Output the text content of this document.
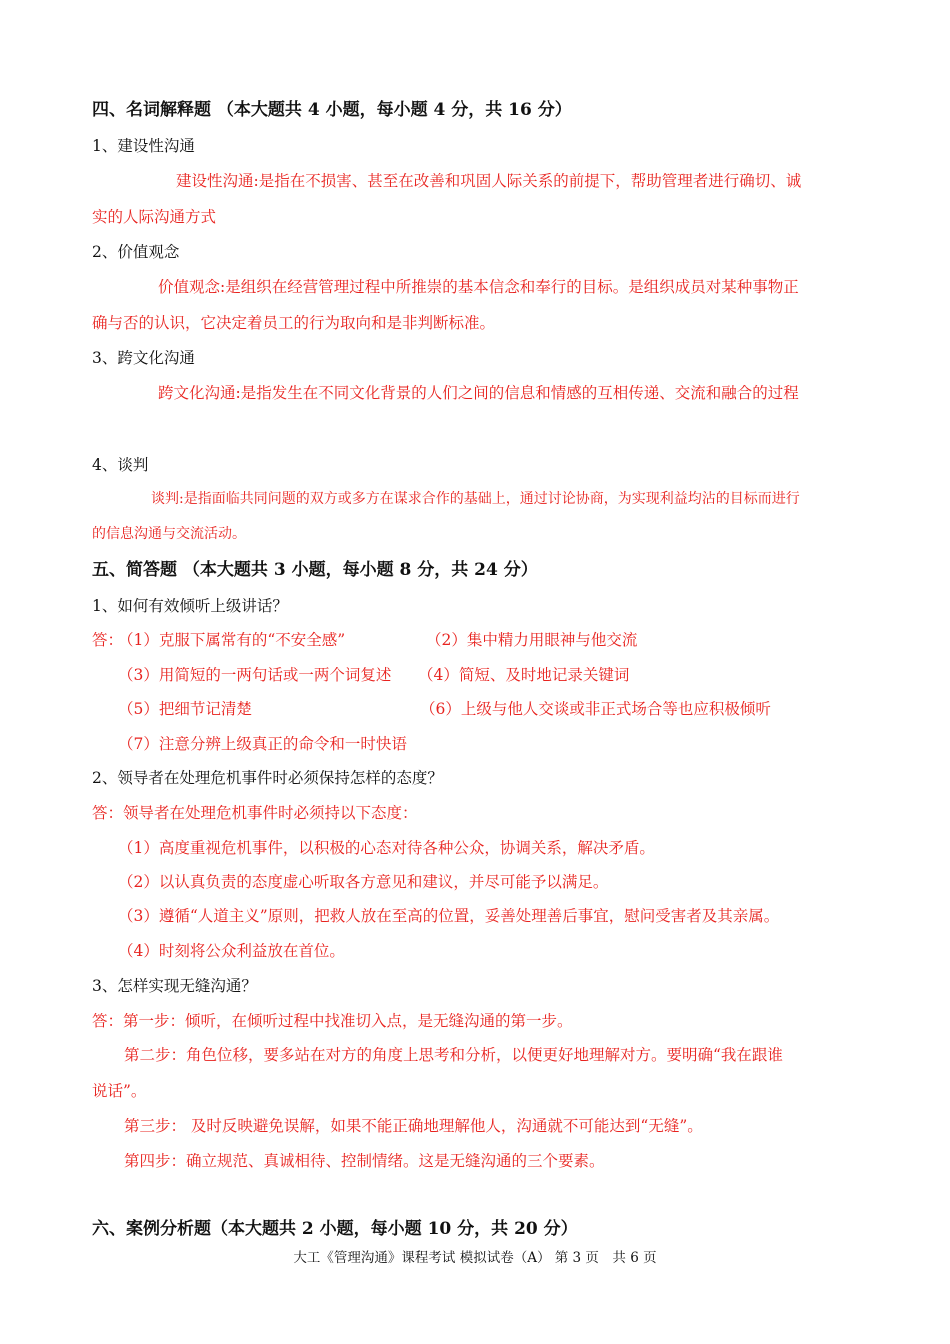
四、名词解释题 （本大题共 4 小题，每小题 4 分，共 16 分）
1、建设性沟通
建设性沟通:是指在不损害、甚至在改善和巩固人际关系的前提下，帮助管理者进行确切、诚
实的人际沟通方式
2、价值观念
价值观念:是组织在经营管理过程中所推崇的基本信念和奉行的目标。是组织成员对某种事物正
确与否的认识，它决定着员工的行为取向和是非判断标准。
3、跨文化沟通
跨文化沟通:是指发生在不同文化背景的人们之间的信息和情感的互相传递、交流和融合的过程
4、谈判
谈判:是指面临共同问题的双方或多方在谋求合作的基础上，通过讨论协商，为实现利益均沾的目标而进行
的信息沟通与交流活动。
五、简答题 （本大题共 3 小题，每小题 8 分，共 24 分）
1、如何有效倾听上级讲话？
答：
（1）克服下属常有的“不安全感”	（2）集中精力用眼神与他交流
（3）用简短的一两句话或一两个词复述 （4）简短、及时地记录关键词
（5）把细节记清楚	（6）上级与他人交谈或非正式场合等也应积极倾听
（7）注意分辨上级真正的命令和一时快语
2、领导者在处理危机事件时必须保持怎样的态度？
答：领导者在处理危机事件时必须持以下态度：
（1）高度重视危机事件，以积极的心态对待各种公众，协调关系，解决矛盾。
（2）以认真负责的态度虚心听取各方意见和建议，并尽可能予以满足。
（3）遵循“人道主义”原则，把救人放在至高的位置，妥善处理善后事宜，慰问受害者及其亲属。
（4）时刻将公众利益放在首位。
3、怎样实现无缝沟通？
答：第一步：倾听，在倾听过程中找准切入点，是无缝沟通的第一步。
第二步：角色位移，要多站在对方的角度上思考和分析，以便更好地理解对方。要明确“我在跟谁
说话”。
第三步： 及时反映避免误解，如果不能正确地理解他人，沟通就不可能达到“无缝”。
第四步：确立规范、真诚相待、控制情绪。这是无缝沟通的三个要素。
六、案例分析题（本大题共 2 小题，每小题 10 分，共 20 分）
大工《管理沟通》课程考试 模拟试卷（A） 第 3 页　共 6 页
